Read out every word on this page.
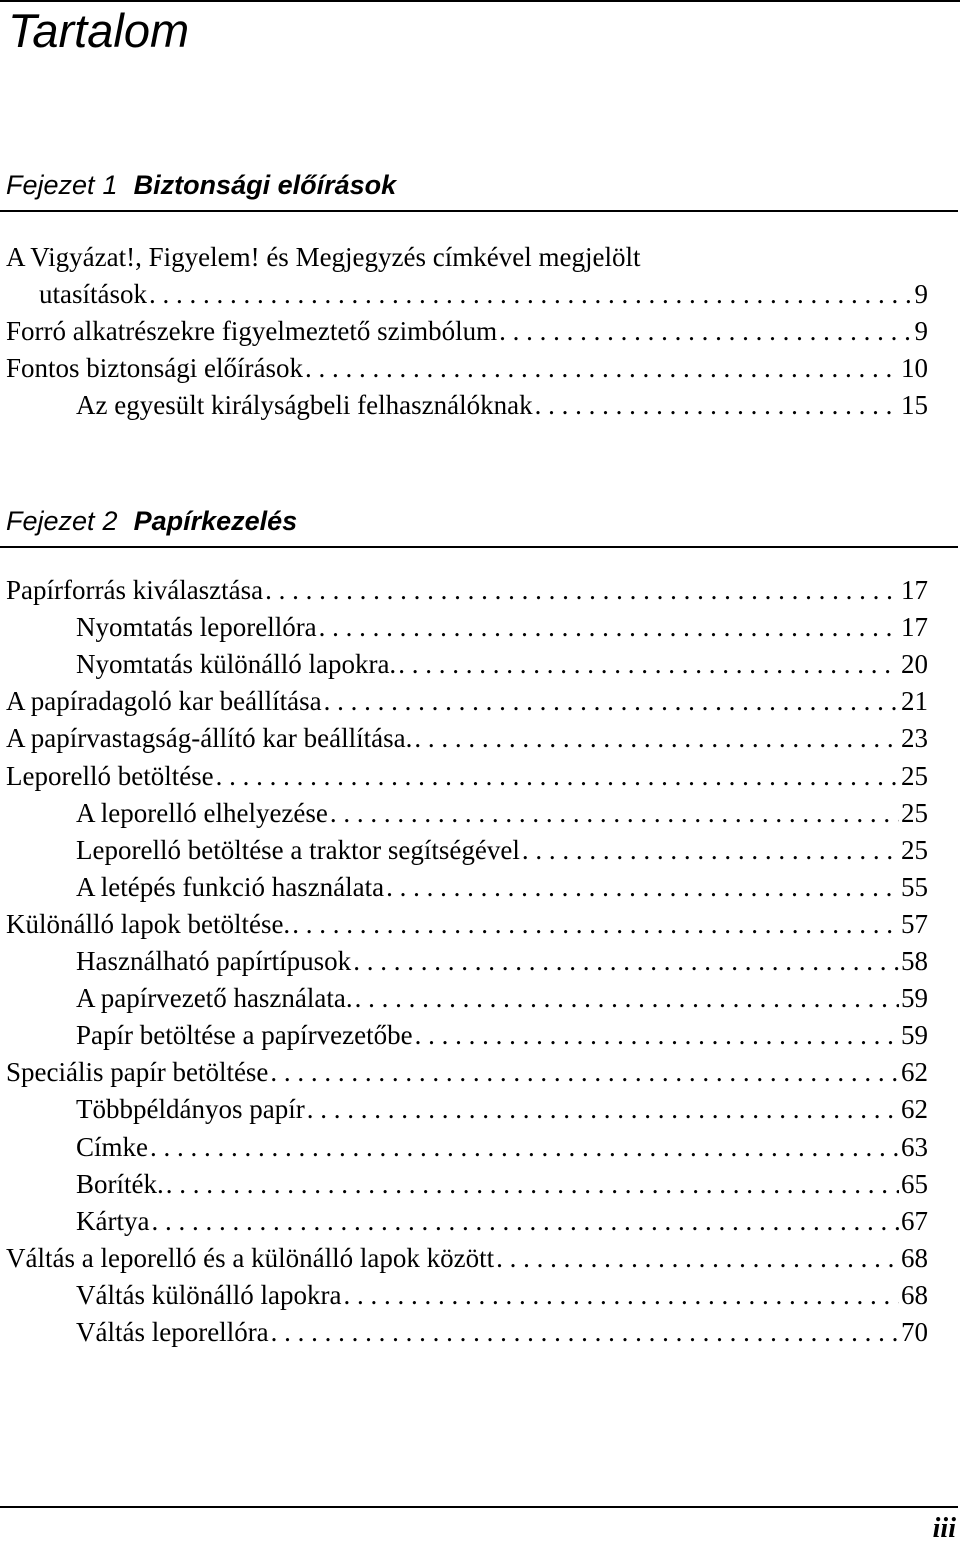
Tartalom
Fejezet 1 Biztonsági előírások
A Vigyázat!, Figyelem! és Megjegyzés címkével megjelölt
utasítások . . .	9
Forró alkatrészekre figyelmeztető szimbólum . . .	9
Fontos biztonsági előírások . . .	10
Az egyesült királyságbeli felhasználóknak . . .	15
Fejezet 2 Papírkezelés
Papírforrás kiválasztása . . .	17
Nyomtatás leporellóra . . .	17
Nyomtatás különálló lapokra. . . .	20
A papíradagoló kar beállítása . . .	21
A papírvastagság-állító kar beállítása. . . .	23
Leporelló betöltése . . .	25
A leporelló elhelyezése . . .	25
Leporelló betöltése a traktor segítségével . . .	25
A letépés funkció használata . . .	55
Különálló lapok betöltése. . . .	57
Használható papírtípusok . . .	58
A papírvezető használata. . . .	59
Papír betöltése a papírvezetőbe . . .	59
Speciális papír betöltése . . .	62
Többpéldányos papír . . .	62
Címke . . .	63
Boríték. . . .	65
Kártya . . .	67
Váltás a leporelló és a különálló lapok között . . .	68
Váltás különálló lapokra . . .	68
Váltás leporellóra . . .	70
iii
